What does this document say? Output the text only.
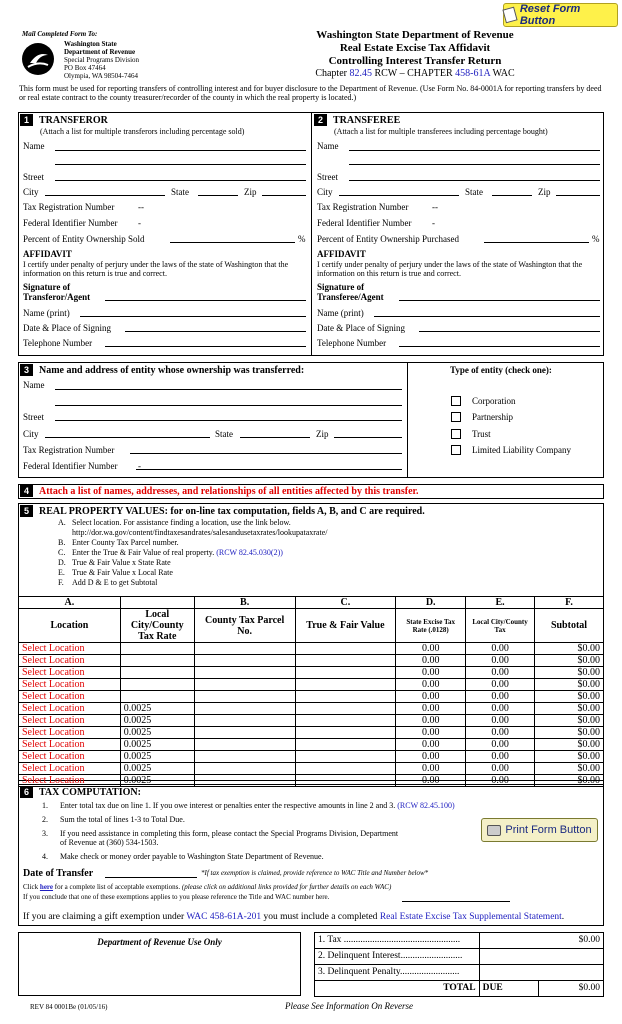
Reset Form Button
Mail Completed Form To:
Washington State
Department of Revenue
Special Programs Division
PO Box 47464
Olympia, WA 98504-7464
Washington State Department of Revenue
Real Estate Excise Tax Affidavit
Controlling Interest Transfer Return
Chapter 82.45 RCW – CHAPTER 458-61A WAC
This form must be used for reporting transfers of controlling interest and for buyer disclosure to the Department of Revenue. (Use Form No. 84-0001A for reporting transfers by deed or real estate contract to the county treasurer/recorder of the county in which the real property is located.)
1 TRANSFEROR
(Attach a list for multiple transferors including percentage sold)
Name
Street
City	State	Zip
Tax Registration Number	--
Federal Identifier Number -
Percent of Entity Ownership Sold	%
AFFIDAVIT
I certify under penalty of perjury under the laws of the state of Washington that the information on this return is true and correct.
Signature of
Transferor/Agent
Name (print)
Date & Place of Signing
Telephone Number
2 TRANSFEREE
(Attach a list for multiple transferees including percentage bought)
Name
Street
City	State	Zip
Tax Registration Number	--
Federal Identifier Number -
Percent of Entity Ownership Purchased	%
AFFIDAVIT
I certify under penalty of perjury under the laws of the state of Washington that the information on this return is true and correct.
Signature of
Transferee/Agent
Name (print)
Date & Place of Signing
Telephone Number
3 Name and address of entity whose ownership was transferred:
Name
Street
City	State	Zip
Tax Registration Number
Federal Identifier Number -
Type of entity (check one):
Corporation
Partnership
Trust
Limited Liability Company
4 Attach a list of names, addresses, and relationships of all entities affected by this transfer.
5 REAL PROPERTY VALUES: for on-line tax computation, fields A, B, and C are required.
A. Select location. For assistance finding a location, use the link below.
http://dor.wa.gov/content/findtaxesandrates/salesandusetaxrates/lookupataxrate/
B. Enter County Tax Parcel number.
C. Enter the True & Fair Value of real property. (RCW 82.45.030(2))
D. True & Fair Value x State Rate
E. True & Fair Value x Local Rate
F. Add D & E to get Subtotal
A.		B.	C.	D.	E.	F.
Location	Local City/County Tax Rate	County Tax Parcel No.	True & Fair Value	State Excise Tax Rate (.0128)	Local City/County Tax	Subtotal
Select Location				0.00	0.00	$0.00
Select Location				0.00	0.00	$0.00
Select Location				0.00	0.00	$0.00
Select Location				0.00	0.00	$0.00
Select Location				0.00	0.00	$0.00
Select Location	0.0025			0.00	0.00	$0.00
Select Location	0.0025			0.00	0.00	$0.00
Select Location	0.0025			0.00	0.00	$0.00
Select Location	0.0025			0.00	0.00	$0.00
Select Location	0.0025			0.00	0.00	$0.00
Select Location	0.0025			0.00	0.00	$0.00
Select Location	0.0025			0.00	0.00	$0.00
6 TAX COMPUTATION:
1.	Enter total tax due on line 1. If you owe interest or penalties enter the respective amounts in line 2 and 3. (RCW 82.45.100)
2.	Sum the total of lines 1-3 to Total Due.
3.	If you need assistance in completing this form, please contact the Special Programs Division, Department of Revenue at (360) 534-1503.
4.	Make check or money order payable to Washington State Department of Revenue.
Print Form Button
Date of Transfer	*If tax exemption is claimed, provide reference to WAC Title and Number below*
Click here for a complete list of acceptable exemptions. (please click on additional links provided for further details on each WAC)
If you conclude that one of these exemptions applies to you please reference the Title and WAC number here.
If you are claiming a gift exemption under WAC 458-61A-201 you must include a completed Real Estate Excise Tax Supplemental Statement.
Department of Revenue Use Only	1. Tax .................................................	$0.00	
2. Delinquent Interest..........................		
3. Delinquent Penalty.........................		
TOTAL	DUE	$0.00
REV 84 0001Be (01/05/16)	Please See Information On Reverse
